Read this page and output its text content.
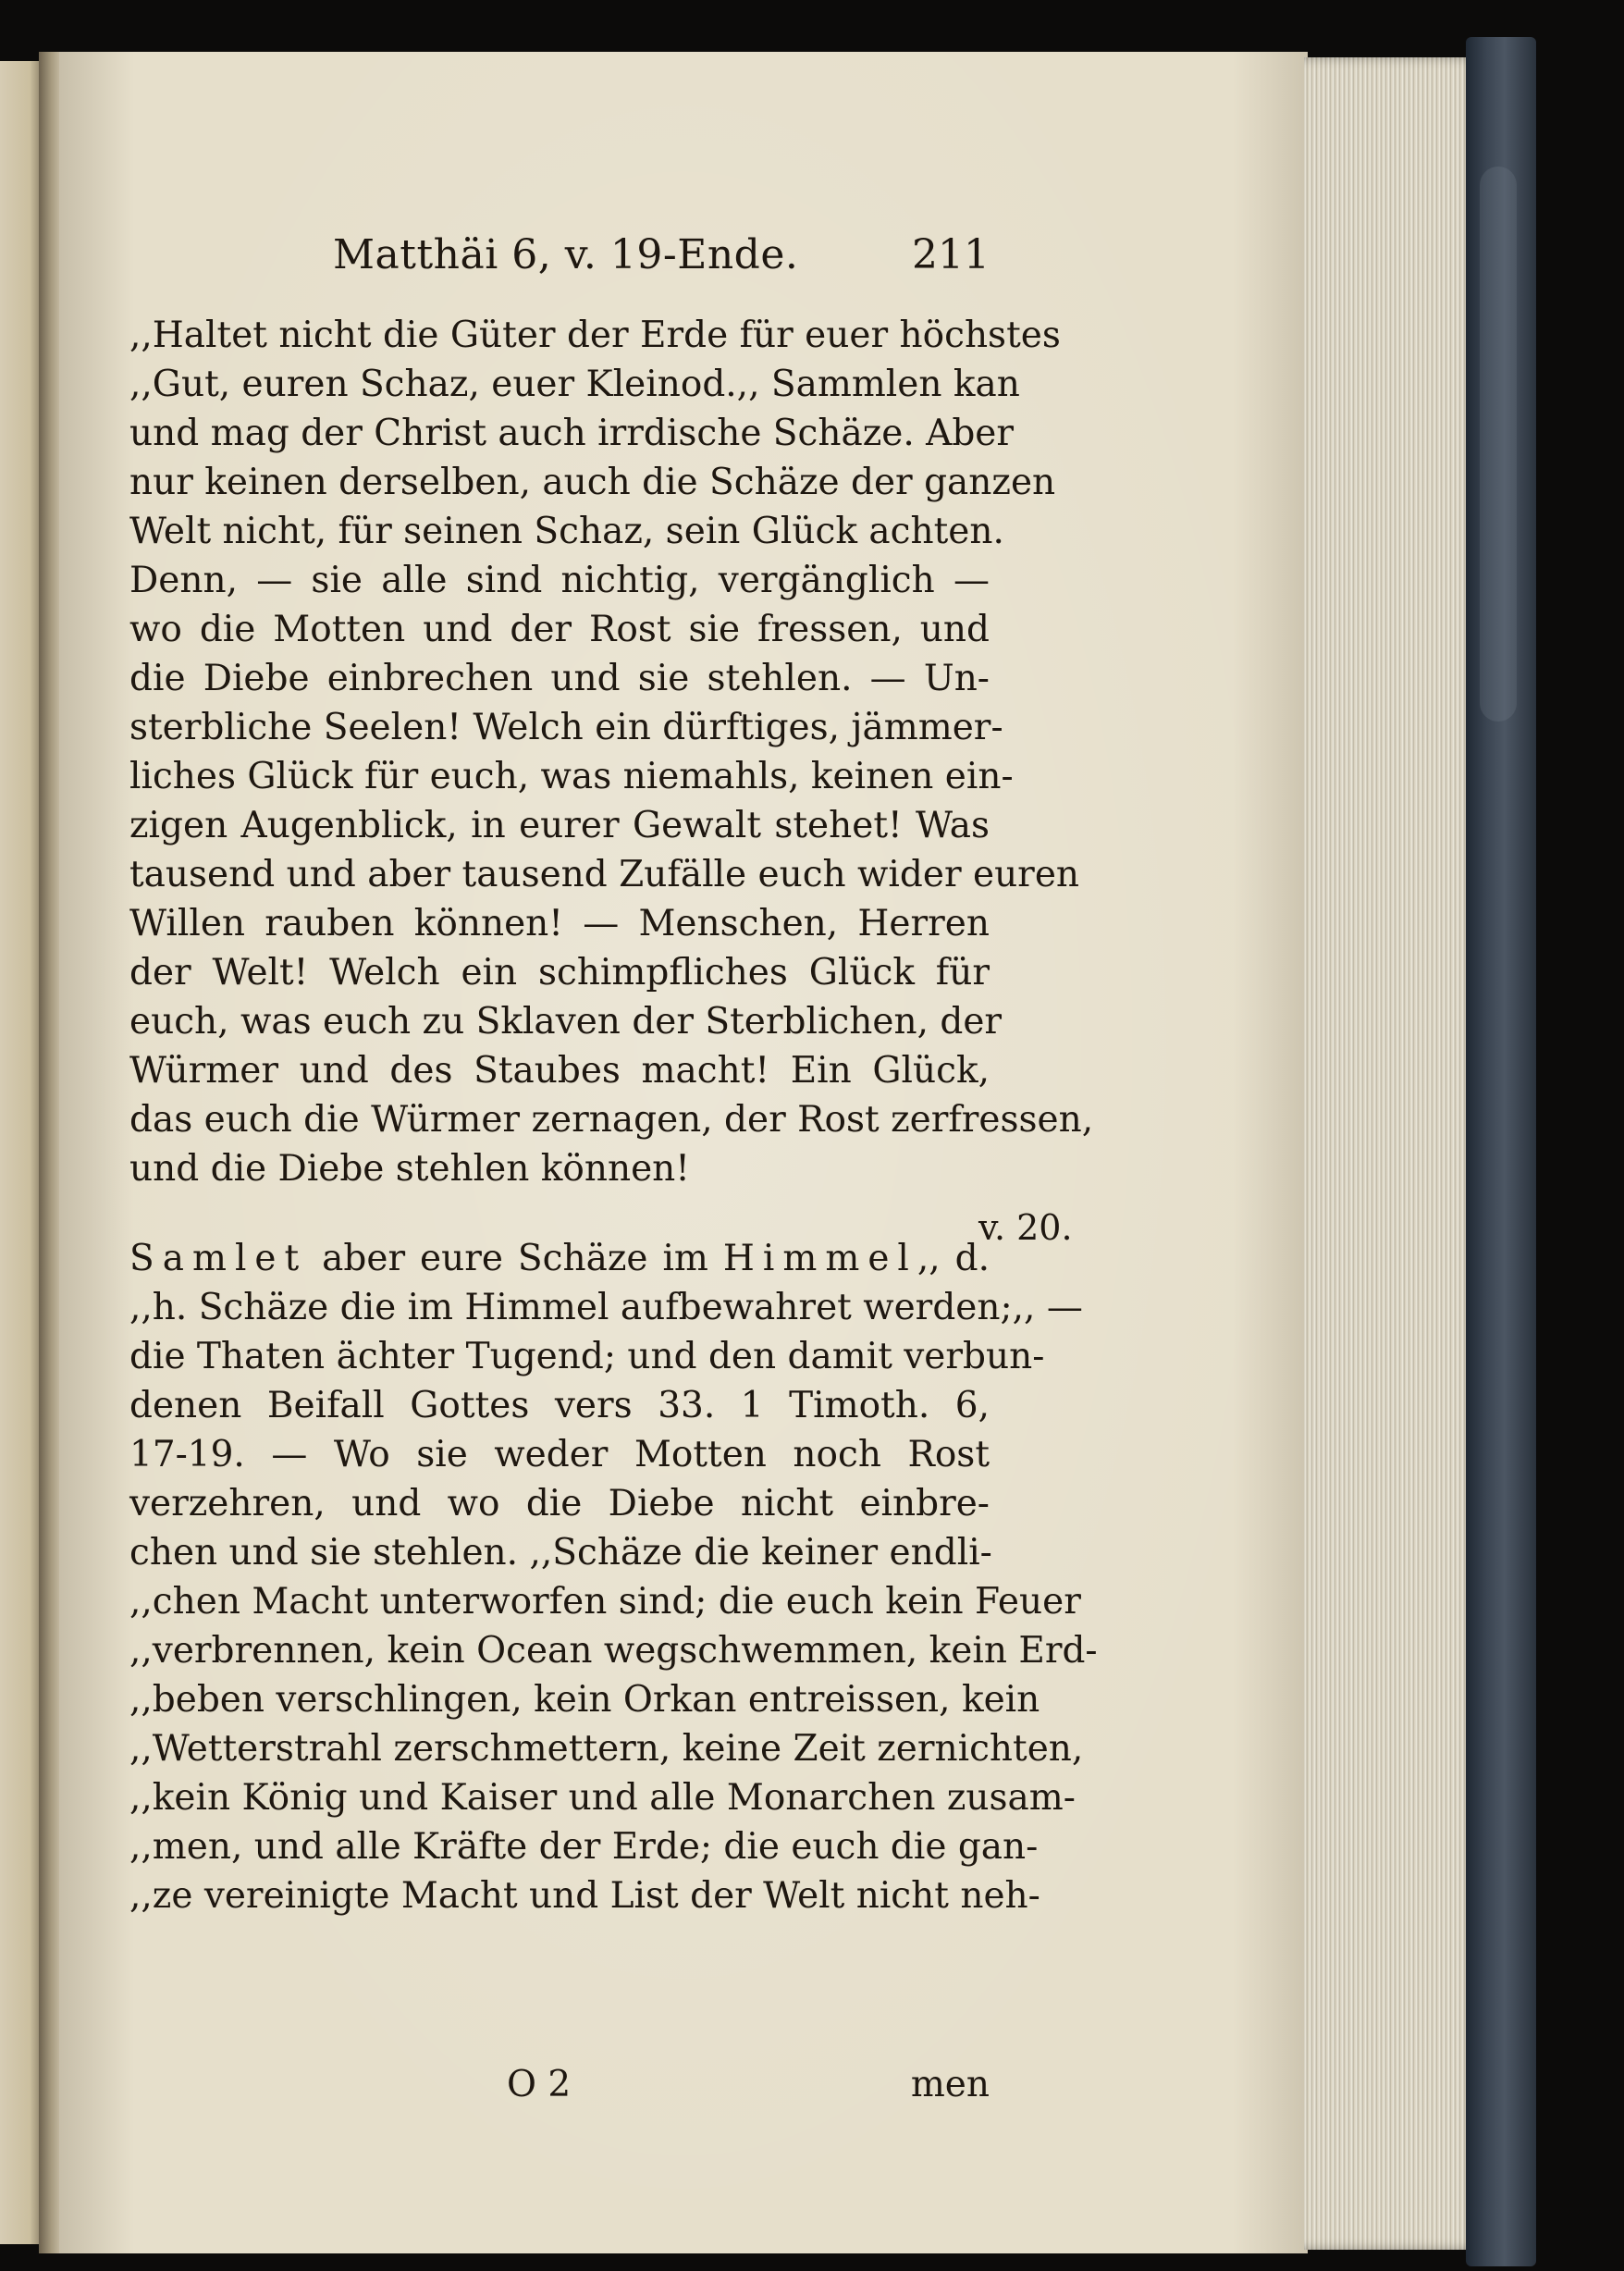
Matthäi 6, v. 19-Ende.	211
,,Haltet nicht die Güter der Erde für euer höchstes
,,Gut, euren Schaz, euer Kleinod.,, Sammlen kan
und mag der Christ auch irrdische Schäze. Aber
nur keinen derselben, auch die Schäze der ganzen
Welt nicht, für seinen Schaz, sein Glück achten.
Denn, — sie alle sind nichtig, vergänglich —
wo die Motten und der Rost sie fressen, und
die Diebe einbrechen und sie stehlen. — Un-
sterbliche Seelen! Welch ein dürftiges, jämmer-
liches Glück für euch, was niemahls, keinen ein-
zigen Augenblick, in eurer Gewalt stehet! Was
tausend und aber tausend Zufälle euch wider euren
Willen rauben können! — Menschen, Herren
der Welt! Welch ein schimpfliches Glück für
euch, was euch zu Sklaven der Sterblichen, der
Würmer und des Staubes macht! Ein Glück,
das euch die Würmer zernagen, der Rost zerfressen,
und die Diebe stehlen können!
Samlet aber eure Schäze im Himmel,, d.
,,h. Schäze die im Himmel aufbewahret werden;,, —
die Thaten ächter Tugend; und den damit verbun-
denen Beifall Gottes vers 33. 1 Timoth. 6,
17-19. — Wo sie weder Motten noch Rost
verzehren, und wo die Diebe nicht einbre-
chen und sie stehlen. ,,Schäze die keiner endli-
,,chen Macht unterworfen sind; die euch kein Feuer
,,verbrennen, kein Ocean wegschwemmen, kein Erd-
,,beben verschlingen, kein Orkan entreissen, kein
,,Wetterstrahl zerschmettern, keine Zeit zernichten,
,,kein König und Kaiser und alle Monarchen zusam-
,,men, und alle Kräfte der Erde; die euch die gan-
,,ze vereinigte Macht und List der Welt nicht neh-
v. 20.
O 2	men
